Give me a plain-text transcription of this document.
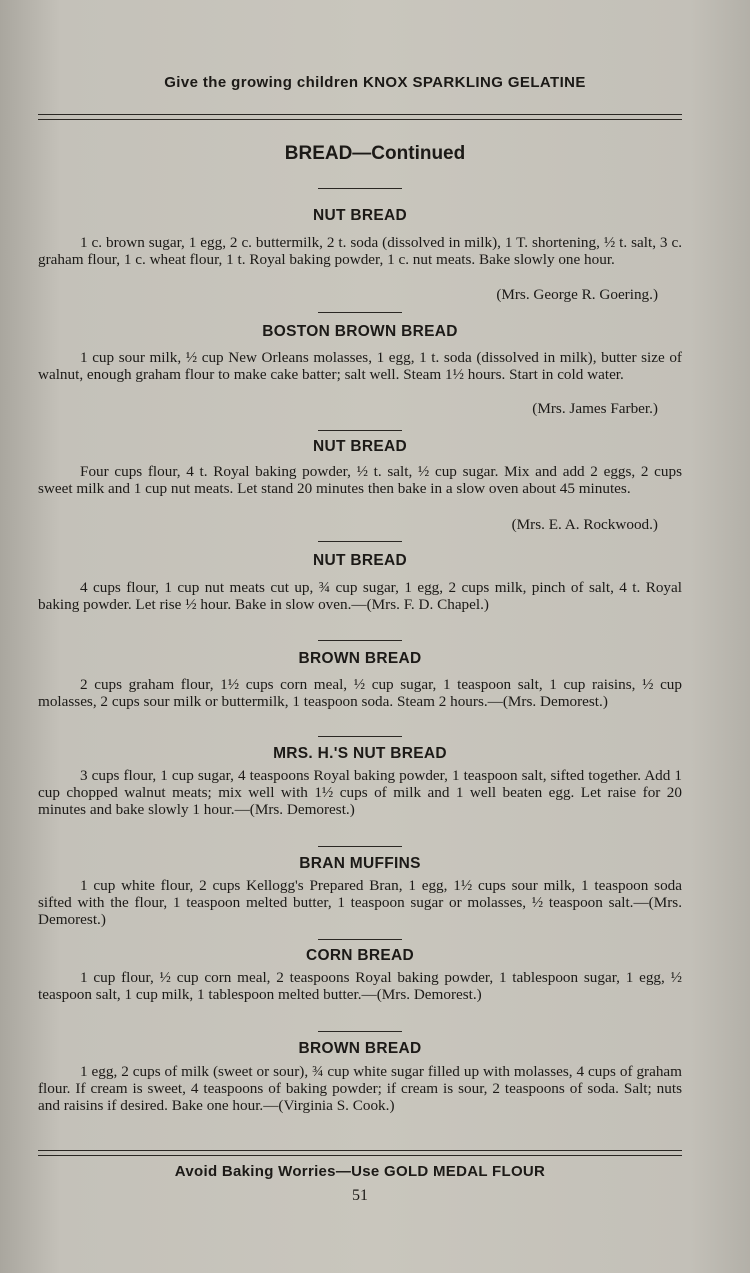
Give the growing children KNOX SPARKLING GELATINE
BREAD—Continued
NUT BREAD
1 c. brown sugar, 1 egg, 2 c. buttermilk, 2 t. soda (dissolved in milk), 1 T. shortening, ½ t. salt, 3 c. graham flour, 1 c. wheat flour, 1 t. Royal baking powder, 1 c. nut meats. Bake slowly one hour.
(Mrs. George R. Goering.)
BOSTON BROWN BREAD
1 cup sour milk, ½ cup New Orleans molasses, 1 egg, 1 t. soda (dissolved in milk), butter size of walnut, enough graham flour to make cake batter; salt well. Steam 1½ hours. Start in cold water.
(Mrs. James Farber.)
NUT BREAD
Four cups flour, 4 t. Royal baking powder, ½ t. salt, ½ cup sugar. Mix and add 2 eggs, 2 cups sweet milk and 1 cup nut meats. Let stand 20 minutes then bake in a slow oven about 45 minutes.
(Mrs. E. A. Rockwood.)
NUT BREAD
4 cups flour, 1 cup nut meats cut up, ¾ cup sugar, 1 egg, 2 cups milk, pinch of salt, 4 t. Royal baking powder. Let rise ½ hour. Bake in slow oven.—(Mrs. F. D. Chapel.)
BROWN BREAD
2 cups graham flour, 1½ cups corn meal, ½ cup sugar, 1 teaspoon salt, 1 cup raisins, ½ cup molasses, 2 cups sour milk or buttermilk, 1 teaspoon soda. Steam 2 hours.—(Mrs. Demorest.)
MRS. H.'S NUT BREAD
3 cups flour, 1 cup sugar, 4 teaspoons Royal baking powder, 1 teaspoon salt, sifted together. Add 1 cup chopped walnut meats; mix well with 1½ cups of milk and 1 well beaten egg. Let raise for 20 minutes and bake slowly 1 hour.—(Mrs. Demorest.)
BRAN MUFFINS
1 cup white flour, 2 cups Kellogg's Prepared Bran, 1 egg, 1½ cups sour milk, 1 teaspoon soda sifted with the flour, 1 teaspoon melted butter, 1 teaspoon sugar or molasses, ½ teaspoon salt.—(Mrs. Demorest.)
CORN BREAD
1 cup flour, ½ cup corn meal, 2 teaspoons Royal baking powder, 1 tablespoon sugar, 1 egg, ½ teaspoon salt, 1 cup milk, 1 tablespoon melted butter.—(Mrs. Demorest.)
BROWN BREAD
1 egg, 2 cups of milk (sweet or sour), ¾ cup white sugar filled up with molasses, 4 cups of graham flour. If cream is sweet, 4 teaspoons of baking powder; if cream is sour, 2 teaspoons of soda. Salt; nuts and raisins if desired. Bake one hour.—(Virginia S. Cook.)
Avoid Baking Worries—Use GOLD MEDAL FLOUR
51
